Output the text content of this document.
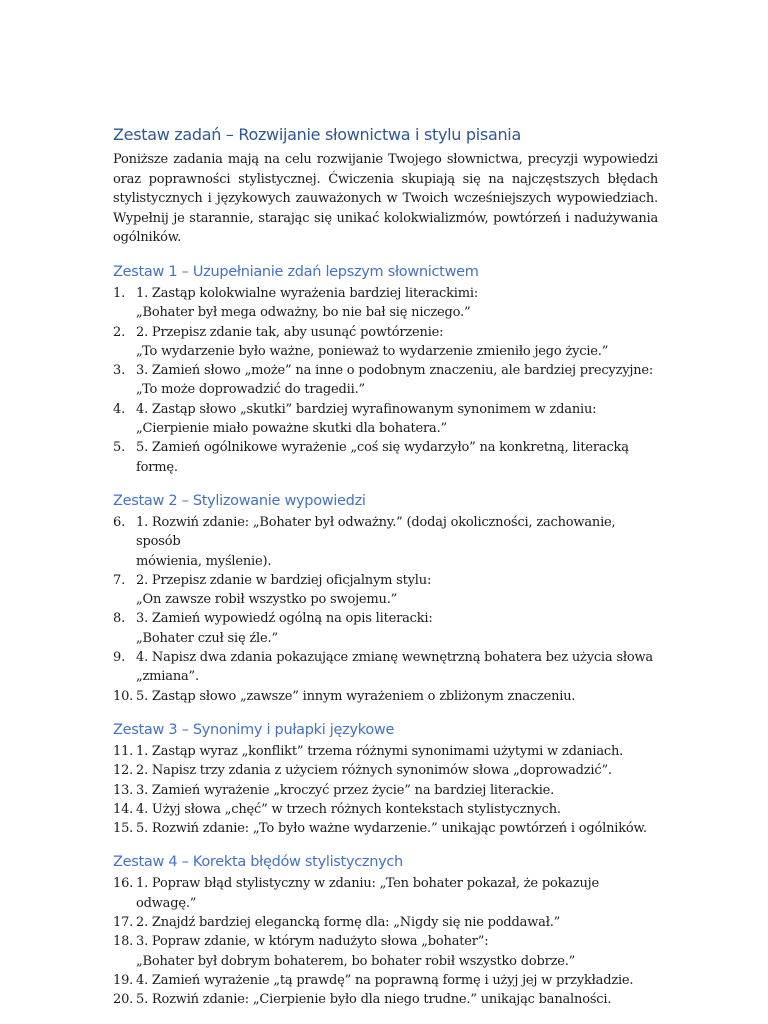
Zestaw zadań – Rozwijanie słownictwa i stylu pisania

Poniższe zadania mają na celu rozwijanie Twojego słownictwa, precyzji wypowiedzi oraz poprawności stylistycznej. Ćwiczenia skupiają się na najczęstszych błędach stylistycznych i językowych zauważonych w Twoich wcześniejszych wypowiedziach. Wypełnij je starannie, starając się unikać kolokwializmów, powtórzeń i nadużywania ogólników.

Zestaw 1 – Uzupełnianie zdań lepszym słownictwem
1. 1. Zastąp kolokwialne wyrażenia bardziej literackimi:
„Bohater był mega odważny, bo nie bał się niczego.”
2. 2. Przepisz zdanie tak, aby usunąć powtórzenie:
„To wydarzenie było ważne, ponieważ to wydarzenie zmieniło jego życie.”
3. 3. Zamień słowo „może” na inne o podobnym znaczeniu, ale bardziej precyzyjne:
„To może doprowadzić do tragedii.”
4. 4. Zastąp słowo „skutki” bardziej wyrafinowanym synonimem w zdaniu:
„Cierpienie miało poważne skutki dla bohatera.”
5. 5. Zamień ogólnikowe wyrażenie „coś się wydarzyło” na konkretną, literacką formę.
Zestaw 2 – Stylizowanie wypowiedzi
6. 1. Rozwiń zdanie: „Bohater był odważny.” (dodaj okoliczności, zachowanie, sposób
mówienia, myślenie).
7. 2. Przepisz zdanie w bardziej oficjalnym stylu:
„On zawsze robił wszystko po swojemu.”
8. 3. Zamień wypowiedź ogólną na opis literacki:
„Bohater czuł się źle.”
9. 4. Napisz dwa zdania pokazujące zmianę wewnętrzną bohatera bez użycia słowa
„zmiana”.
10. 5. Zastąp słowo „zawsze” innym wyrażeniem o zbliżonym znaczeniu.
Zestaw 3 – Synonimy i pułapki językowe
11. 1. Zastąp wyraz „konflikt” trzema różnymi synonimami użytymi w zdaniach.
12. 2. Napisz trzy zdania z użyciem różnych synonimów słowa „doprowadzić”.
13. 3. Zamień wyrażenie „kroczyć przez życie” na bardziej literackie.
14. 4. Użyj słowa „chęć” w trzech różnych kontekstach stylistycznych.
15. 5. Rozwiń zdanie: „To było ważne wydarzenie.” unikając powtórzeń i ogólników.
Zestaw 4 – Korekta błędów stylistycznych
16. 1. Popraw błąd stylistyczny w zdaniu: „Ten bohater pokazał, że pokazuje odwagę.”
17. 2. Znajdź bardziej elegancką formę dla: „Nigdy się nie poddawał.”
18. 3. Popraw zdanie, w którym nadużyto słowa „bohater”:
„Bohater był dobrym bohaterem, bo bohater robił wszystko dobrze.”
19. 4. Zamień wyrażenie „tą prawdę” na poprawną formę i użyj jej w przykładzie.
20. 5. Rozwiń zdanie: „Cierpienie było dla niego trudne.” unikając banalności.
